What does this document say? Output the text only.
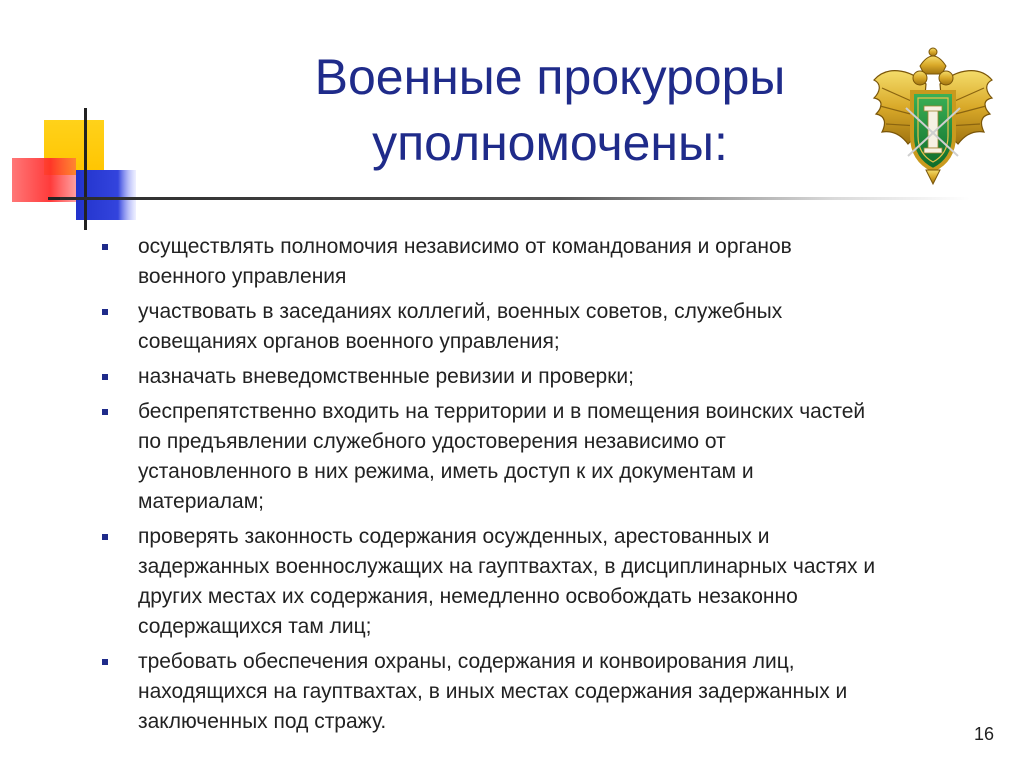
Военные прокуроры
уполномочены:
осуществлять полномочия независимо от командования и органов
военного управления
участвовать в заседаниях коллегий, военных советов, служебных
совещаниях органов военного управления;
назначать вневедомственные ревизии и проверки;
беспрепятственно входить на территории и в помещения воинских частей
по предъявлении служебного удостоверения независимо от
установленного в них режима, иметь доступ к их документам и
материалам;
проверять законность содержания осужденных, арестованных и
задержанных военнослужащих на гауптвахтах, в дисциплинарных частях и
других местах их содержания, немедленно освобождать незаконно
содержащихся там лиц;
требовать обеспечения охраны, содержания и конвоирования лиц,
находящихся на гауптвахтах, в иных местах содержания задержанных и
заключенных под стражу.
16
